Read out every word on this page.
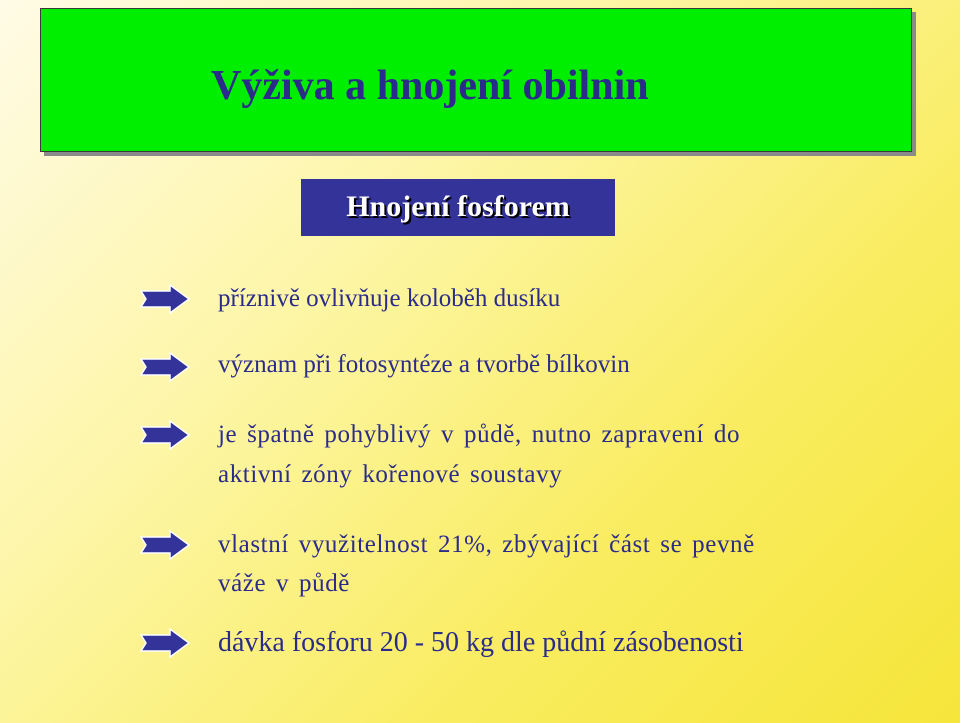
Výživa a hnojení obilnin
Hnojení fosforem
příznivě ovlivňuje koloběh dusíku
význam při fotosyntéze a tvorbě bílkovin
je špatně pohyblivý v půdě, nutno zapravení do
aktivní zóny kořenové soustavy
vlastní využitelnost 21%, zbývající část se pevně
váže v půdě
dávka fosforu 20 - 50 kg dle půdní zásobenosti
